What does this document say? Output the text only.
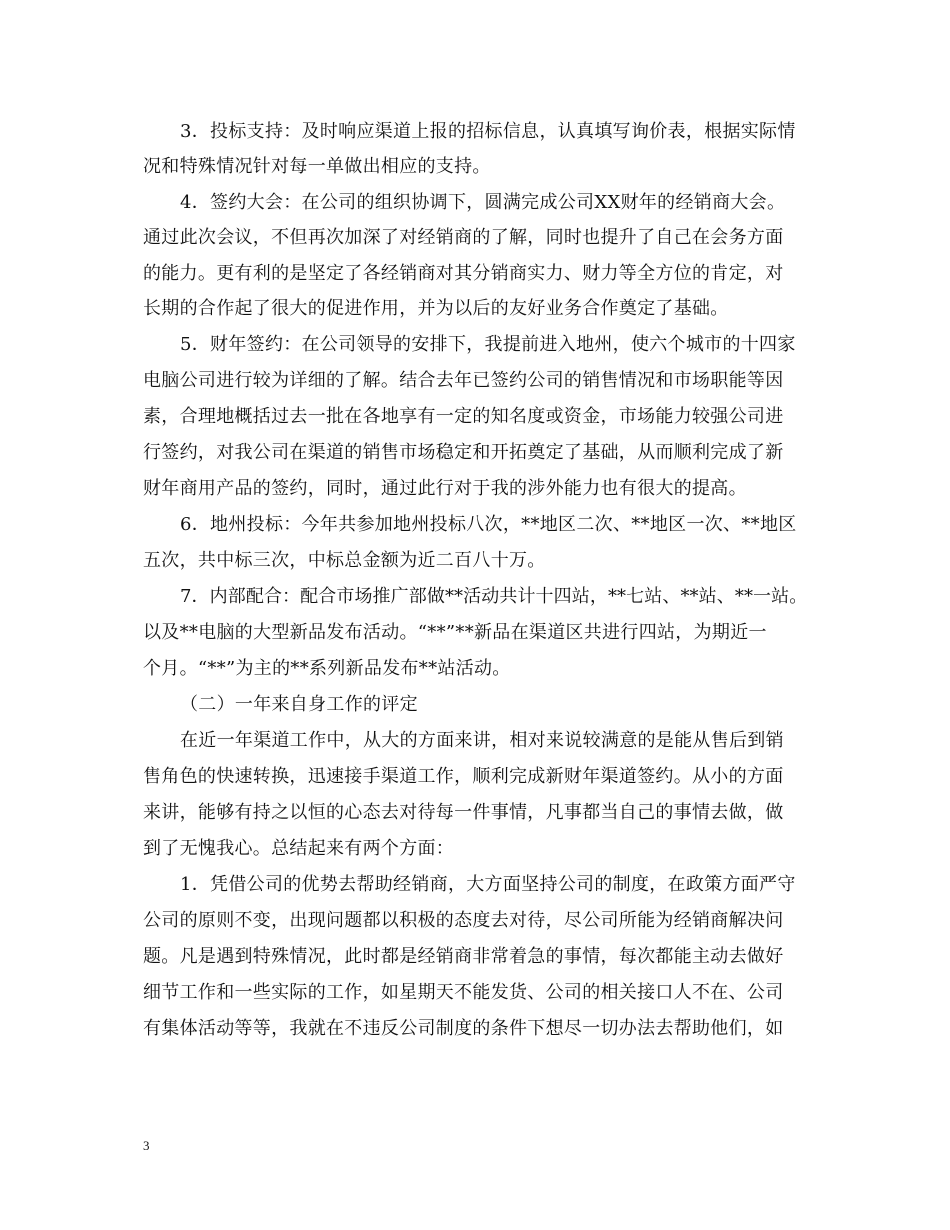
3．投标支持：及时响应渠道上报的招标信息，认真填写询价表，根据实际情
况和特殊情况针对每一单做出相应的支持。
4．签约大会：在公司的组织协调下，圆满完成公司XX财年的经销商大会。
通过此次会议，不但再次加深了对经销商的了解，同时也提升了自己在会务方面
的能力。更有利的是坚定了各经销商对其分销商实力、财力等全方位的肯定，对
长期的合作起了很大的促进作用，并为以后的友好业务合作奠定了基础。
5．财年签约：在公司领导的安排下，我提前进入地州，使六个城市的十四家
电脑公司进行较为详细的了解。结合去年已签约公司的销售情况和市场职能等因
素，合理地概括过去一批在各地享有一定的知名度或资金，市场能力较强公司进
行签约，对我公司在渠道的销售市场稳定和开拓奠定了基础，从而顺利完成了新
财年商用产品的签约，同时，通过此行对于我的涉外能力也有很大的提高。
6．地州投标：今年共参加地州投标八次，**地区二次、**地区一次、**地区
五次，共中标三次，中标总金额为近二百八十万。
7．内部配合：配合市场推广部做**活动共计十四站，**七站、**站、**一站。
以及**电脑的大型新品发布活动。“**”**新品在渠道区共进行四站，为期近一
个月。“**”为主的**系列新品发布**站活动。
（二）一年来自身工作的评定
在近一年渠道工作中，从大的方面来讲，相对来说较满意的是能从售后到销
售角色的快速转换，迅速接手渠道工作，顺利完成新财年渠道签约。从小的方面
来讲，能够有持之以恒的心态去对待每一件事情，凡事都当自己的事情去做，做
到了无愧我心。总结起来有两个方面：
1．凭借公司的优势去帮助经销商，大方面坚持公司的制度，在政策方面严守
公司的原则不变，出现问题都以积极的态度去对待，尽公司所能为经销商解决问
题。凡是遇到特殊情况，此时都是经销商非常着急的事情，每次都能主动去做好
细节工作和一些实际的工作，如星期天不能发货、公司的相关接口人不在、公司
有集体活动等等，我就在不违反公司制度的条件下想尽一切办法去帮助他们，如
3
